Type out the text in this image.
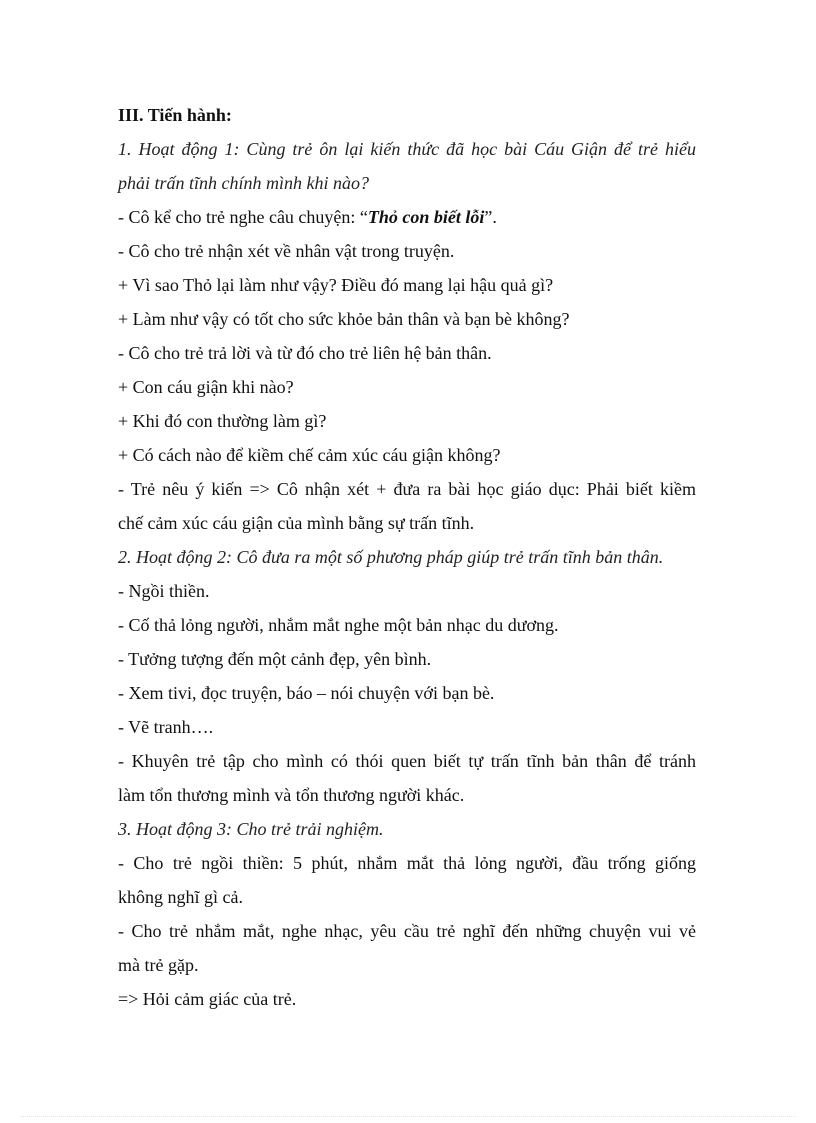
III. Tiến hành:
1. Hoạt động 1: Cùng trẻ ôn lại kiến thức đã học bài Cáu Giận để trẻ hiểu
phải trấn tĩnh chính mình khi nào?
- Cô kể cho trẻ nghe câu chuyện: “Thỏ con biết lỗi”.
- Cô cho trẻ nhận xét về nhân vật trong truyện.
+ Vì sao Thỏ lại làm như vậy? Điều đó mang lại hậu quả gì?
+ Làm như vậy có tốt cho sức khỏe bản thân và bạn bè không?
- Cô cho trẻ trả lời và từ đó cho trẻ liên hệ bản thân.
+ Con cáu giận khi nào?
+ Khi đó con thường làm gì?
+ Có cách nào để kiềm chế cảm xúc cáu giận không?
- Trẻ nêu ý kiến => Cô nhận xét + đưa ra bài học giáo dục: Phải biết kiềm
chế cảm xúc cáu giận của mình bằng sự trấn tĩnh.
2. Hoạt động 2: Cô đưa ra một số phương pháp giúp trẻ trấn tĩnh bản thân.
- Ngồi thiền.
- Cố thả lỏng người, nhắm mắt nghe một bản nhạc du dương.
- Tưởng tượng đến một cảnh đẹp, yên bình.
- Xem tivi, đọc truyện, báo – nói chuyện với bạn bè.
- Vẽ tranh….
- Khuyên trẻ tập cho mình có thói quen biết tự trấn tĩnh bản thân để tránh
làm tổn thương mình và tổn thương người khác.
3. Hoạt động 3: Cho trẻ trải nghiệm.
- Cho trẻ ngồi thiền: 5 phút, nhắm mắt thả lỏng người, đầu trống giống
không nghĩ gì cả.
- Cho trẻ nhắm mắt, nghe nhạc, yêu cầu trẻ nghĩ đến những chuyện vui vẻ
mà trẻ gặp.
=> Hỏi cảm giác của trẻ.
